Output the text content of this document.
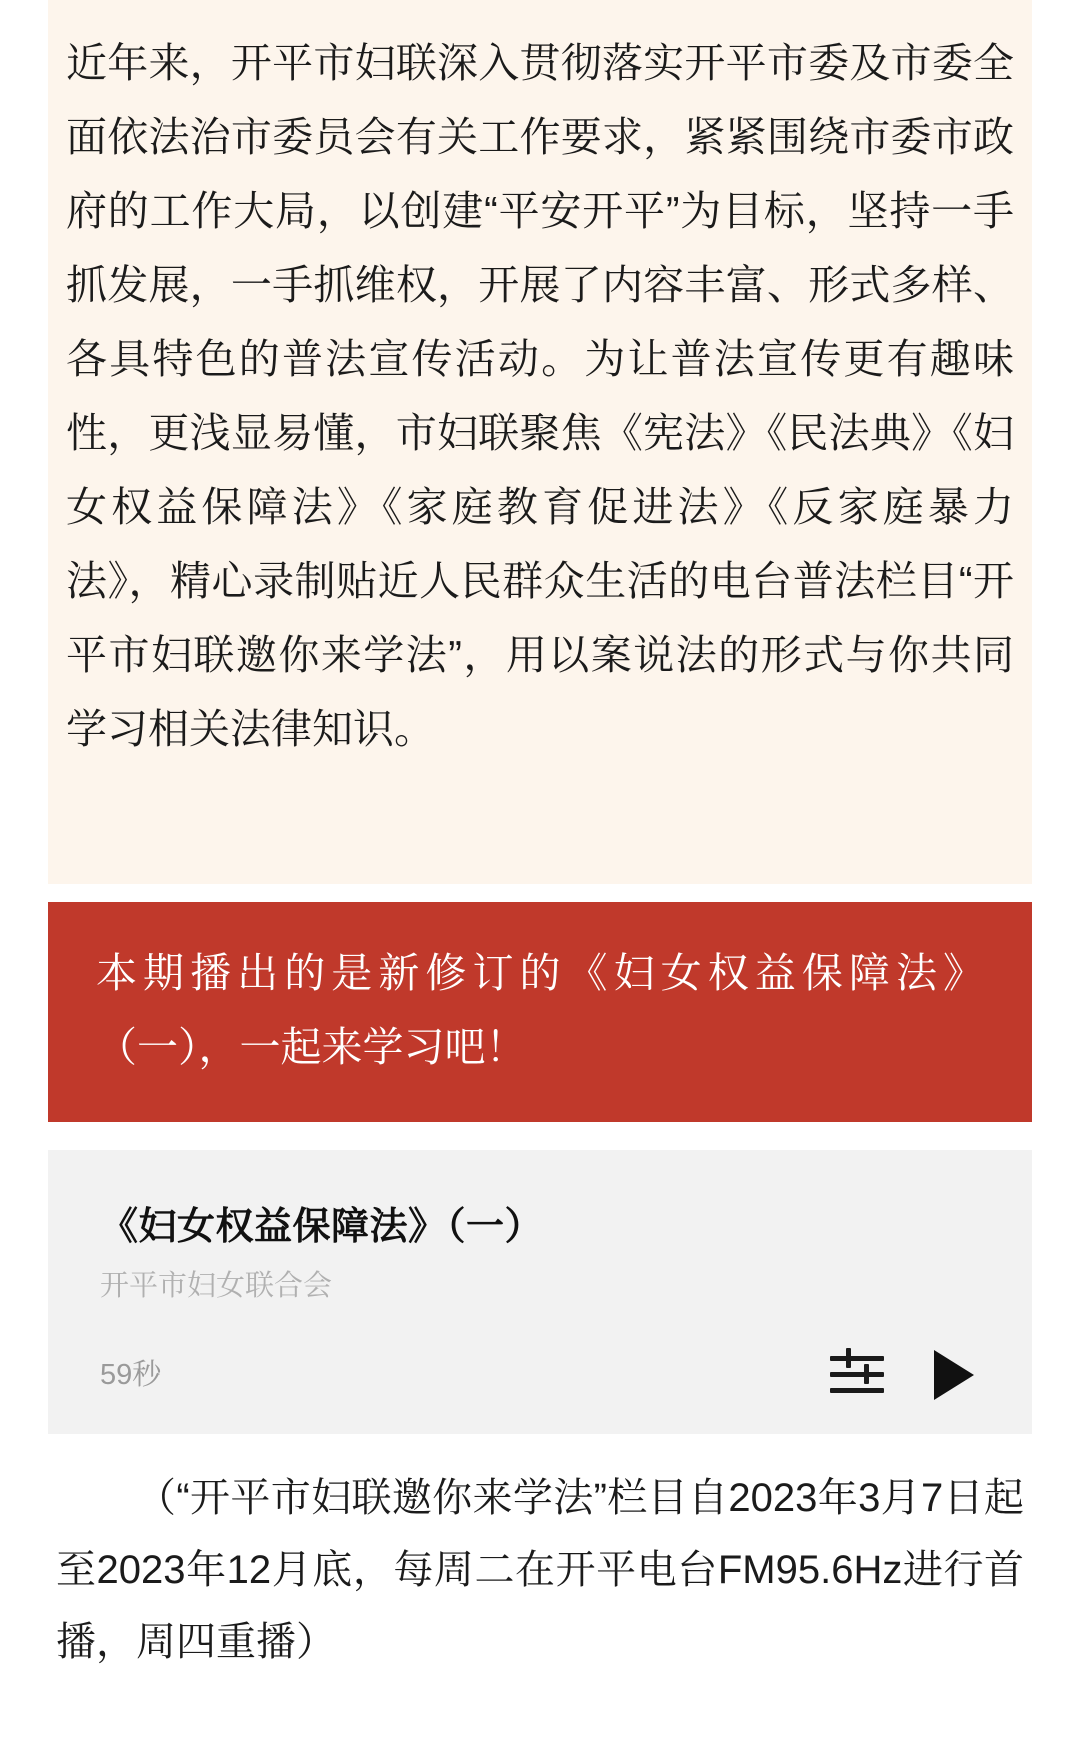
近年来，开平市妇联深入贯彻落实开平市委及市委全面依法治市委员会有关工作要求，紧紧围绕市委市政府的工作大局，以创建“平安开平”为目标，坚持一手抓发展，一手抓维权，开展了内容丰富、形式多样、各具特色的普法宣传活动。为让普法宣传更有趣味性，更浅显易懂，市妇联聚焦《宪法》《民法典》《妇女权益保障法》《家庭教育促进法》《反家庭暴力法》，精心录制贴近人民群众生活的电台普法栏目“开平市妇联邀你来学法”，用以案说法的形式与你共同学习相关法律知识。

本期播出的是新修订的《妇女权益保障法》（一），一起来学习吧！

《妇女权益保障法》（一）
开平市妇女联合会
59秒
（“开平市妇联邀你来学法”栏目自2023年3月7日起至2023年12月底，每周二在开平电台FM95.6Hz进行首播，周四重播）
